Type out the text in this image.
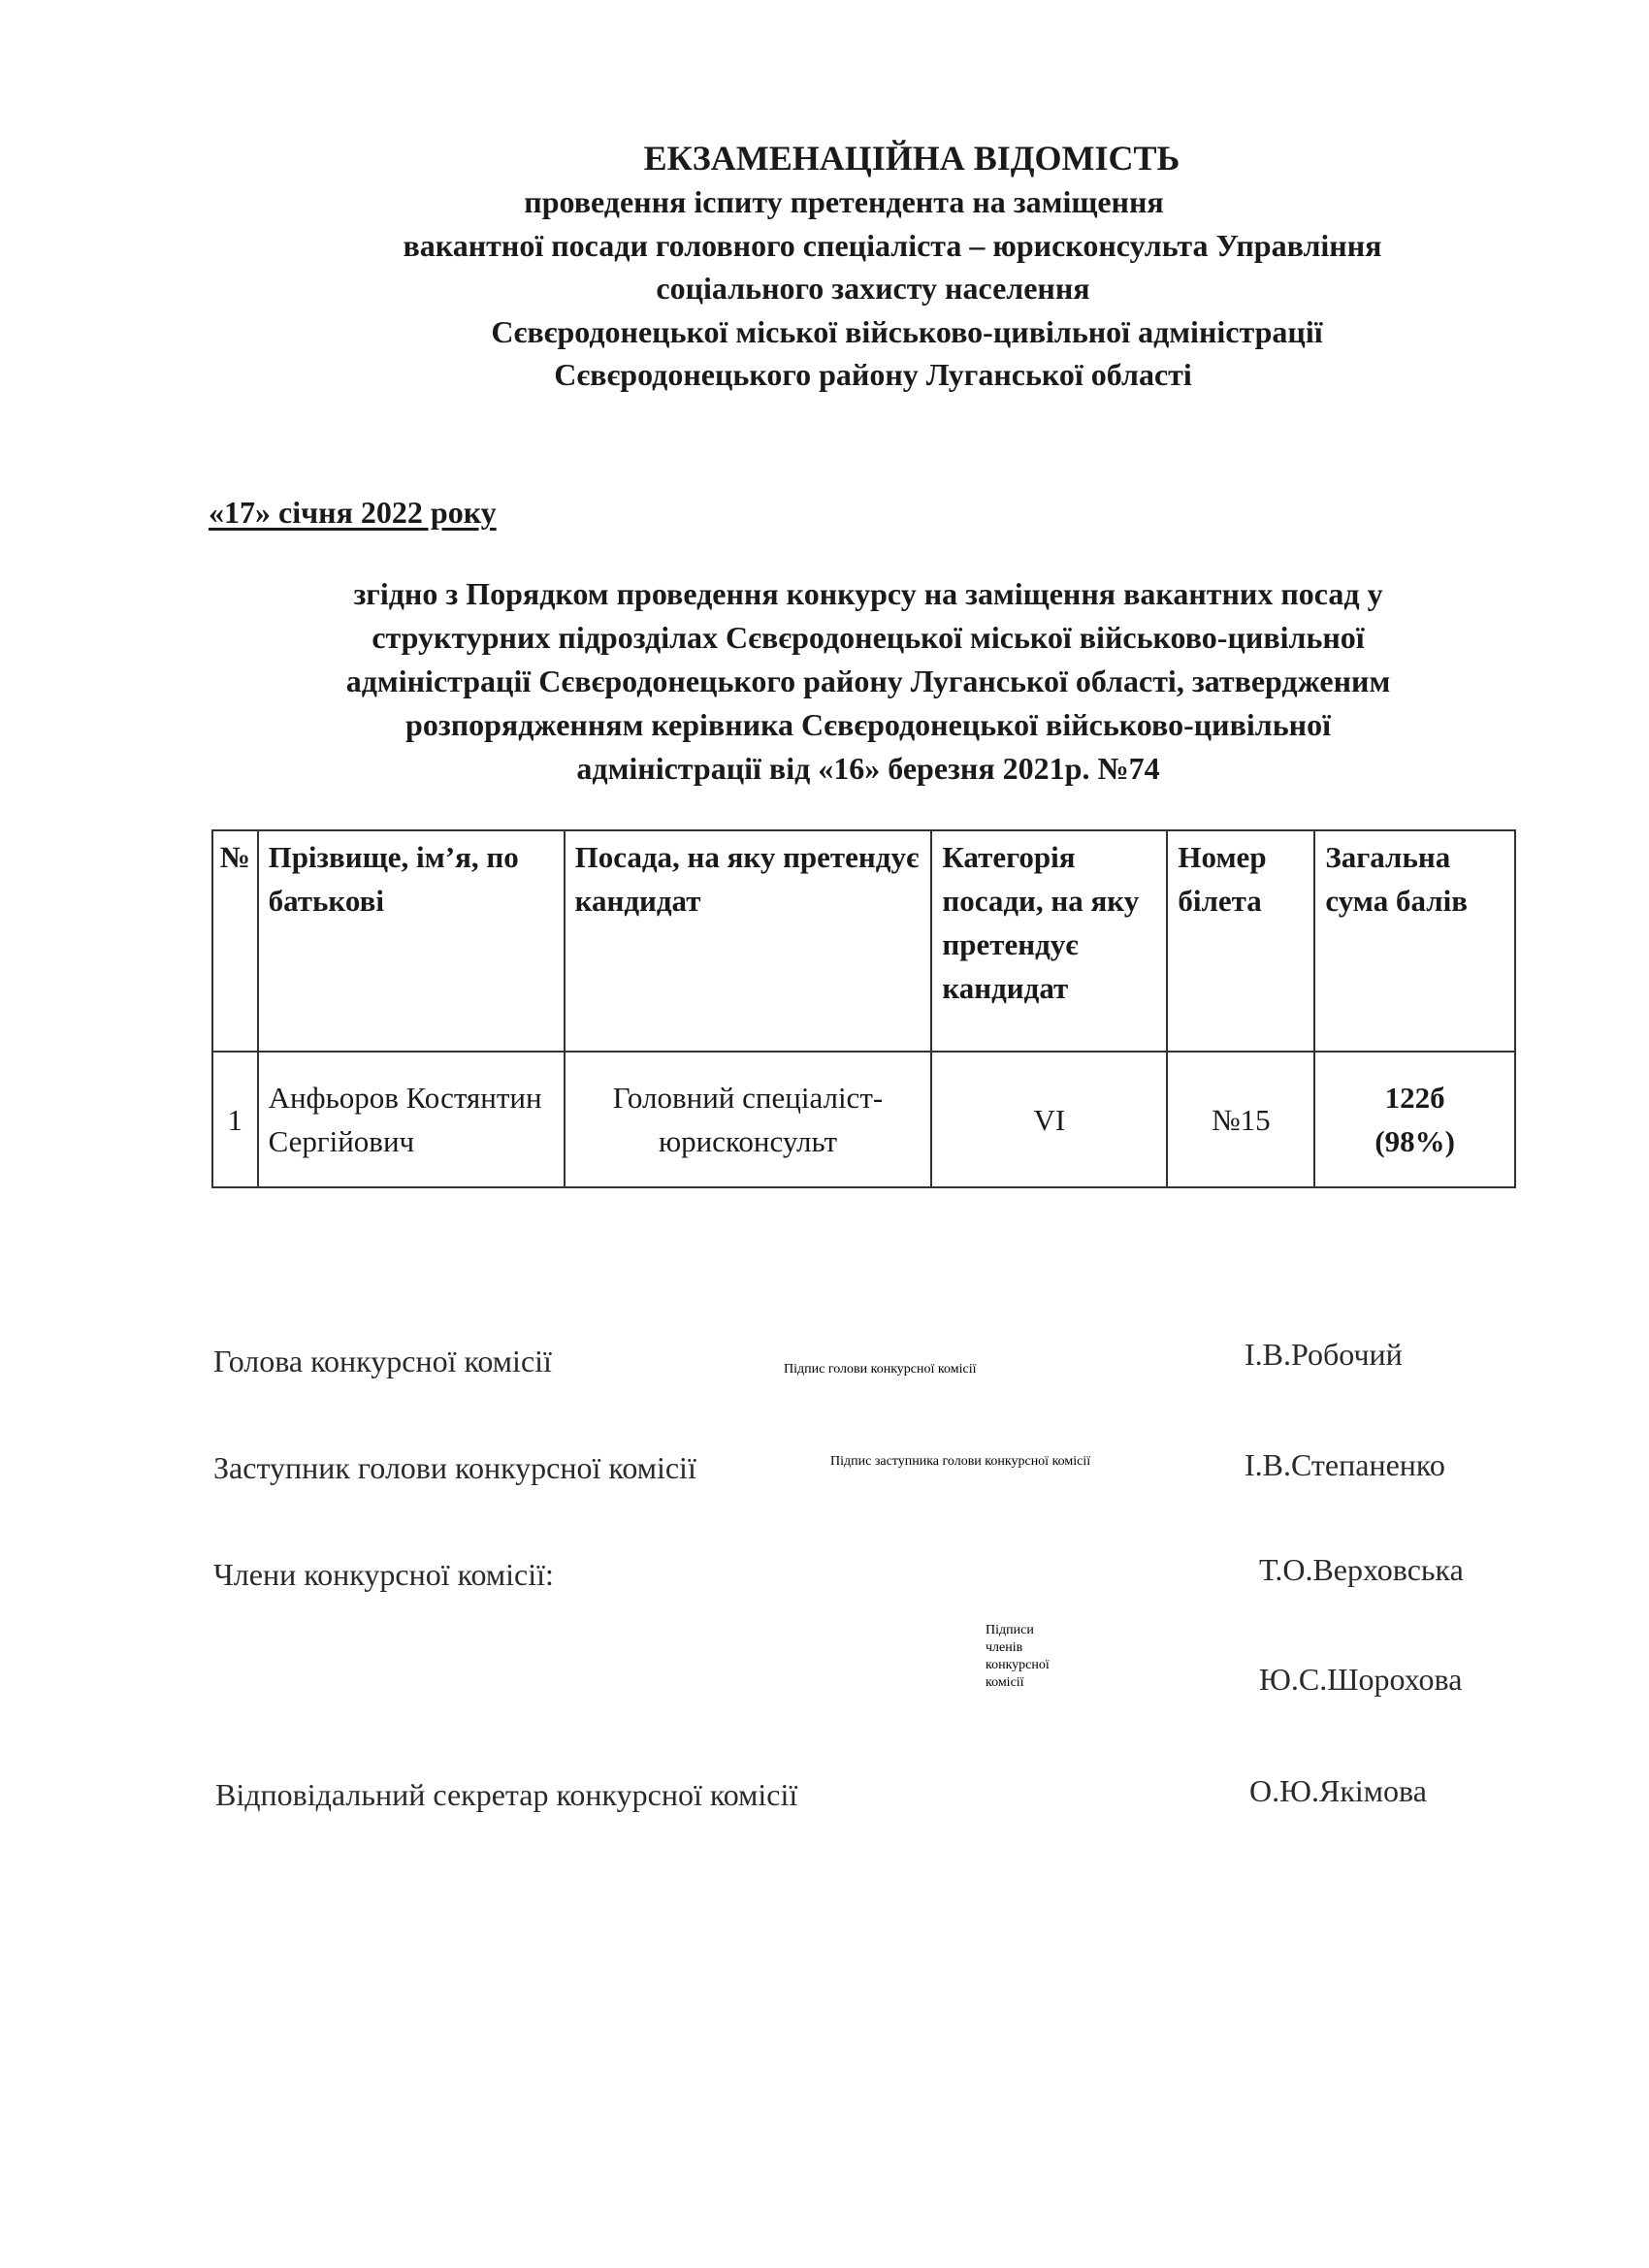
ЕКЗАМЕНАЦІЙНА ВІДОМІСТЬ
проведення іспиту претендента на заміщення
вакантної посади головного спеціаліста – юрисконсульта Управління
соціального захисту населення
Сєвєродонецької міської військово-цивільної адміністрації
Сєвєродонецького району Луганської області
«17» січня 2022 року
згідно з Порядком проведення конкурсу на заміщення вакантних посад у
структурних підрозділах Сєвєродонецької міської військово-цивільної
адміністрації Сєвєродонецького району Луганської області, затвердженим
розпорядженням керівника Сєвєродонецької військово-цивільної
адміністрації від «16» березня 2021р. №74
№	Прізвище, ім’я, по батькові	Посада, на яку претендує кандидат	Категорія посади, на яку претендує кандидат	Номер білета	Загальна сума балів
1	Анфьоров Костянтин Сергійович	Головний спеціаліст-юрисконсульт	VI	№15	122б
(98%)
Голова конкурсної комісії	Підпис голови конкурсної комісії	І.В.Робочий
Заступник голови конкурсної комісії	Підпис заступника голови конкурсної комісії	І.В.Степаненко
Члени конкурсної комісії:	Т.О.Верховська
Підписи
членів
конкурсної
комісії	Ю.С.Шорохова
Відповідальний секретар конкурсної комісії	О.Ю.Якімова
